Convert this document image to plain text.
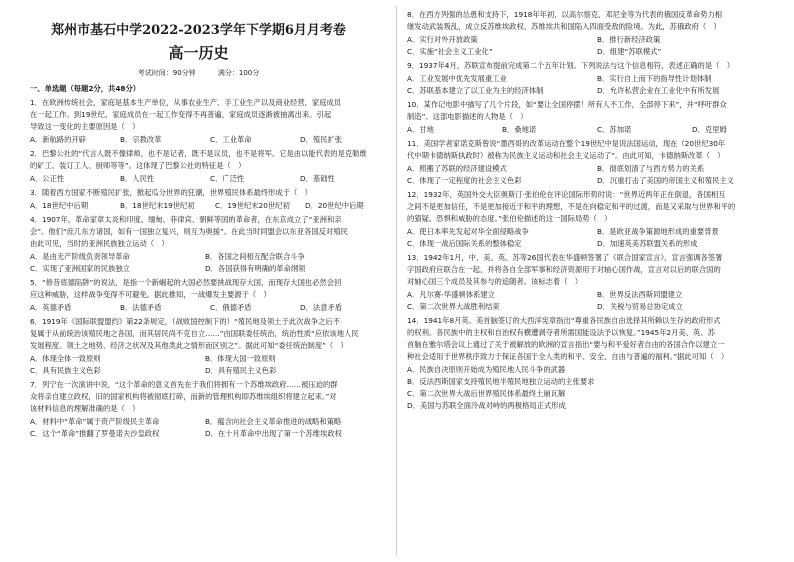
郑州市基石中学2022-2023学年下学期6月月考卷
高一历史
考试时间：90分钟	满分：100分
一、单选题（每题2分，共48分）
1．在欧洲传统社会，家庭是基本生产单位，从事农业生产、手工业生产以及商业经营，家庭成员
在一起工作。到19世纪，家庭成员在一起工作变得不再普遍，家庭成员逐渐被抽离出来。引起
导致这一变化的主要原因是（　）
A．新航路的开辟	B．宗教改革	C．工业革命	D．殖民扩张
2．巴黎公社的“代言人既不像律师，也不是记者，既不是议员，也不是将军。它是由以能代表的是克勒维
的矿工、装订工人、厨师等等”。这体现了巴黎公社的特征是（　）
A．公正性	B．人民性	C．广泛性	D．基础性
3．随着西方国家不断殖民扩张，掀起瓜分世界的狂潮，世界殖民体系最终形成于（　）
A．18世纪中后期	B．18世纪末19世纪初	C．19世纪末20世纪初 D．20世纪中后期
4．1907年，革命家章太炎和印度、缅甸、菲律宾、朝鲜等国的革命者，在东京成立了“亚洲和亲
会”。他们“庶几东方诸国，如有一国独立复兴，则互为奥援”。在此当时同盟会以东亚各国反对殖民
由此可见，当时的亚洲民族独立运动（　）
A．是由无产阶级负责领导革命	B．各国之间相互配合联合斗争
C．实现了亚洲国家的民族独立	D．各国获得有明确的革命纲领
5．“修昔底德陷阱”的说法，是指一个新崛起的大国必然要挑战现存大国，而现存大国也必然会回
应这种威胁，这样战争变得不可避免。据此推知，一战爆发主要源于（　）
A．英德矛盾	B．法德矛盾	C．俄德矛盾	D．法意矛盾
6．1919年《国际联盟盟约》第22条规定，（战败国控制下的）“殖民地及领土于此次战争之后不
复属于从前统治该殖民地之各国，而其居民尚不克自立……”由国联委任统治，统治性质“应依该地人民
发展程度、领土之地势、经济之状况及其他类此之情形而区别之”。据此可知“委任统治制度”（　）
A．体现全体一致原则	B．体现大国一致原则
C．具有民族主义色彩	D．具有殖民主义色彩
7．列宁在一次演讲中说，“这个革命的意义首先在于我们将拥有一个苏维埃政府……被压迫的群
众将亲自建立政权，旧的国家机构将被彻底打碎，而新的管理机构即苏维埃组织将建立起来。”对
该材料信息的理解准确的是（　）
A．材料中“革命”属于资产阶级民主革命	B．蕴含向社会主义革命推进的战略和策略
C．这个“革命”推翻了罗曼诺夫沙皇政权	D．在十月革命中出现了第一个苏维埃政权
8．在西方列强的怂恿和支持下，1918年年初，以高尔察克、邓尼金等为代表的俄国反革命势力相
继发动武装叛乱，成立反苏维埃政权。苏维埃共和国陷入四面受敌的险境。为此，苏俄政府（　）
A．实行对外开放政策	B．推行新经济政策
C．实施“社会主义工业化”	D．组建“苏联模式”
9．1937年4月，苏联宣布提前完成第二个五年计划。下列说法与这个信息相符，表述正确的是（　）
A．工业发展中优先发展重工业	B．实行自上而下的指导性计划体制
C．苏联基本建立了以工业为主的经济体制	D．允许私营企业在工业化中有所发展
10．某作记电影中描写了几个片段，如“要让全国停摆！所有人不工作，全部停下来”，并“呼吁群众
制造”。这部电影描述的人物是（　）
A．甘地	B．桑地诺	C．苏加诺	D．克里姆
11．美国学者家诺克斯曾说“墨西哥的改革运动在整个19世纪中是说法国运动，现在（20世纪30年
代中期卡德纳斯执政时）被称为民族主义运动和社会主义运动了”。由此可知，卡德纳斯改革（　）
A．照搬了苏联的经济建设模式	B．彻底划清了与西方势力的关系
C．体现了一定程度的社会主义色彩	D．沉重打击了美国的帝国主义和殖民主义
12．1932年，英国外交大臣奥斯汀·张伯伦在评论国际形势时说：“世界近两年正在倒退，各国相互
之间不是更加信任，不是更加接近于和平的理想，不是在向稳定和平的过渡，而是又采取与世界和平的
的猜疑、恐惧和威胁的态度。”张伯伦描述的这一国际局势（　）
A．使日本率先发起对华全面侵略战争	B．是欧亚战争策源地形成的重要背景
C．体现一战后国际关系的整体稳定	D．加速英美苏联盟关系的形成
13．1942年1月，中、美、英、苏等26国代表在华盛顿签署了《联合国家宣言》，宣言强调各签署
字国政府应联合在一起，并将各自全部军事和经济资源用于对轴心国作战，宣言对以后的联合国的
对轴心国三个成员及其参与的追随者。该标志着（　）
A．凡尔赛-华盛顿体系建立	B．世界反法西斯同盟建立
C．第二次世界大战胜利结束	D．关税与贸易总协定成立
14．1941年8月英、美首脑签订的大西洋宪章指出“尊重各民族自由选择其所赖以生存的政府形式
的权利。各民族中的主权和自治权有横遭剥夺者所需国能设法予以恢复。”1945年2月美、英、苏
首脑在雅尔塔会议上通过了关于被解放的欧洲的宣言指出“要与和平爱好者自由的各国合作以建立一
种社会适用于世界秩序致力于保证各国于全人类的和平、安全、自由与普遍的福利。”据此可知（　）
A．民族自决原则开始成为殖民地人民斗争的武器
B．反法西斯国家支持殖民地半殖民地独立运动的主张要求
C．第二次世界大战后世界殖民体系最终土崩瓦解
D．美国与苏联全面冷战对峙的两极格局正式形成
